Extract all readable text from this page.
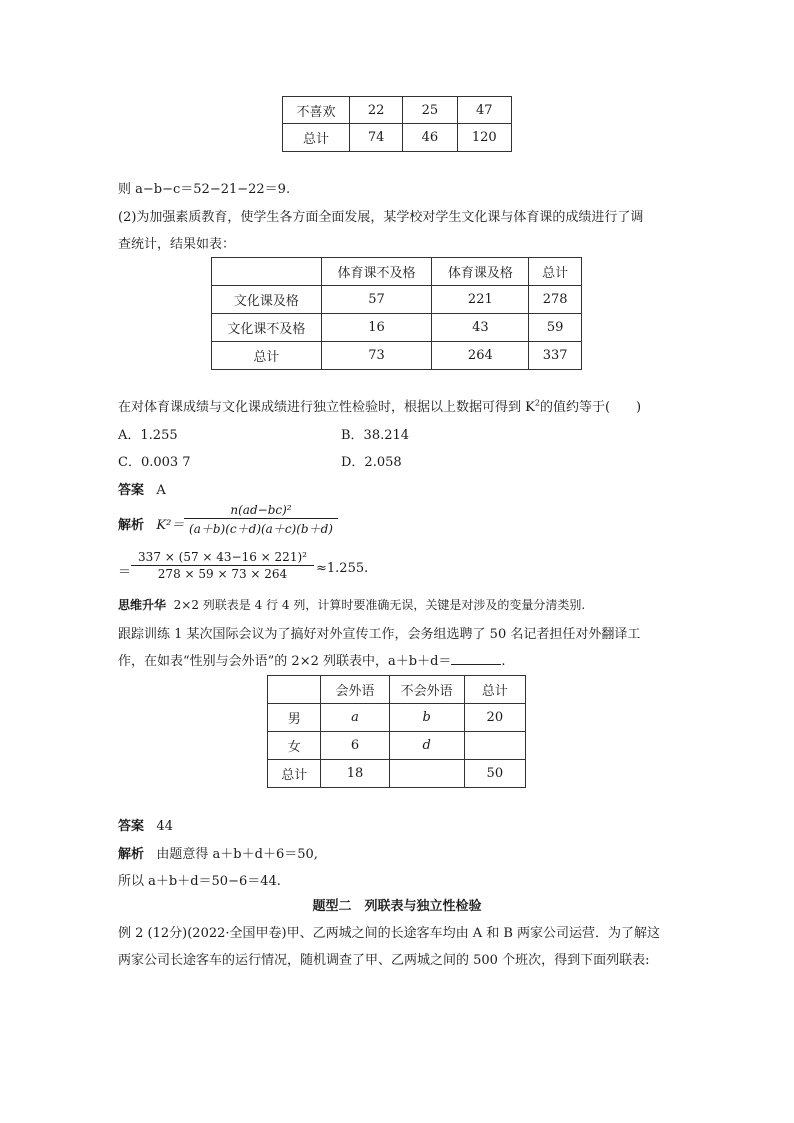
不喜欢	22	25	47
总计	74	46	120
则 a−b−c＝52−21−22＝9.
(2)为加强素质教育，使学生各方面全面发展，某学校对学生文化课与体育课的成绩进行了调
查统计，结果如表：
	体育课不及格	体育课及格	总计
文化课及格	57	221	278
文化课不及格	16	43	59
总计	73	264	337
在对体育课成绩与文化课成绩进行独立性检验时，根据以上数据可得到 $K^2$的值约等于(　　)
A．1.255	B．38.214
C．0.003 7	D．2.058
答案 A
解析 K²＝
n(ad−bc)²
(a＋b)(c＋d)(a＋c)(b＋d)
＝
337 × (57 × 43−16 × 221)²
278 × 59 × 73 × 264	≈1.255.
思维升华 2×2 列联表是 4 行 4 列，计算时要准确无误，关键是对涉及的变量分清类别.
跟踪训练 1 某次国际会议为了搞好对外宣传工作，会务组选聘了 50 名记者担任对外翻译工
作，在如表“性别与会外语”的 2×2 列联表中，a＋b＋d＝	.
	会外语	不会外语	总计
男	a	b	20
女	6	d	
总计	18		50
答案 44
解析 由题意得 a＋b＋d＋6＝50,
所以 a＋b＋d＝50−6＝44.
题型二　列联表与独立性检验
例 2 (12分)(2022·全国甲卷)甲、乙两城之间的长途客车均由 A 和 B 两家公司运营．为了解这
两家公司长途客车的运行情况，随机调查了甲、乙两城之间的 500 个班次，得到下面列联表:
